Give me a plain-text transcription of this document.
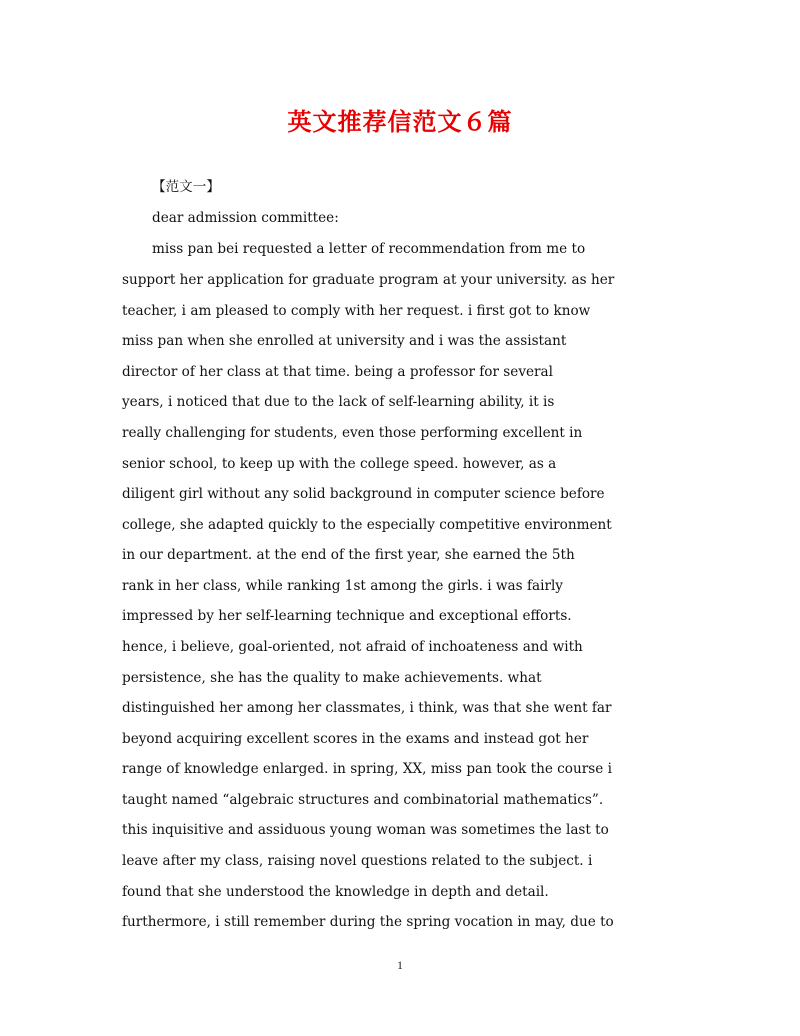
英文推荐信范文６篇
【范文一】
dear admission committee:
miss pan bei requested a letter of recommendation from me to
support her application for graduate program at your university. as her
teacher, i am pleased to comply with her request. i first got to know
miss pan when she enrolled at university and i was the assistant
director of her class at that time. being a professor for several
years, i noticed that due to the lack of self-learning ability, it is
really challenging for students, even those performing excellent in
senior school, to keep up with the college speed. however, as a
diligent girl without any solid background in computer science before
college, she adapted quickly to the especially competitive environment
in our department. at the end of the first year, she earned the 5th
rank in her class, while ranking 1st among the girls. i was fairly
impressed by her self-learning technique and exceptional efforts.
hence, i believe, goal-oriented, not afraid of inchoateness and with
persistence, she has the quality to make achievements. what
distinguished her among her classmates, i think, was that she went far
beyond acquiring excellent scores in the exams and instead got her
range of knowledge enlarged. in spring, XX, miss pan took the course i
taught named “algebraic structures and combinatorial mathematics”.
this inquisitive and assiduous young woman was sometimes the last to
leave after my class, raising novel questions related to the subject. i
found that she understood the knowledge in depth and detail.
furthermore, i still remember during the spring vocation in may, due to
1
